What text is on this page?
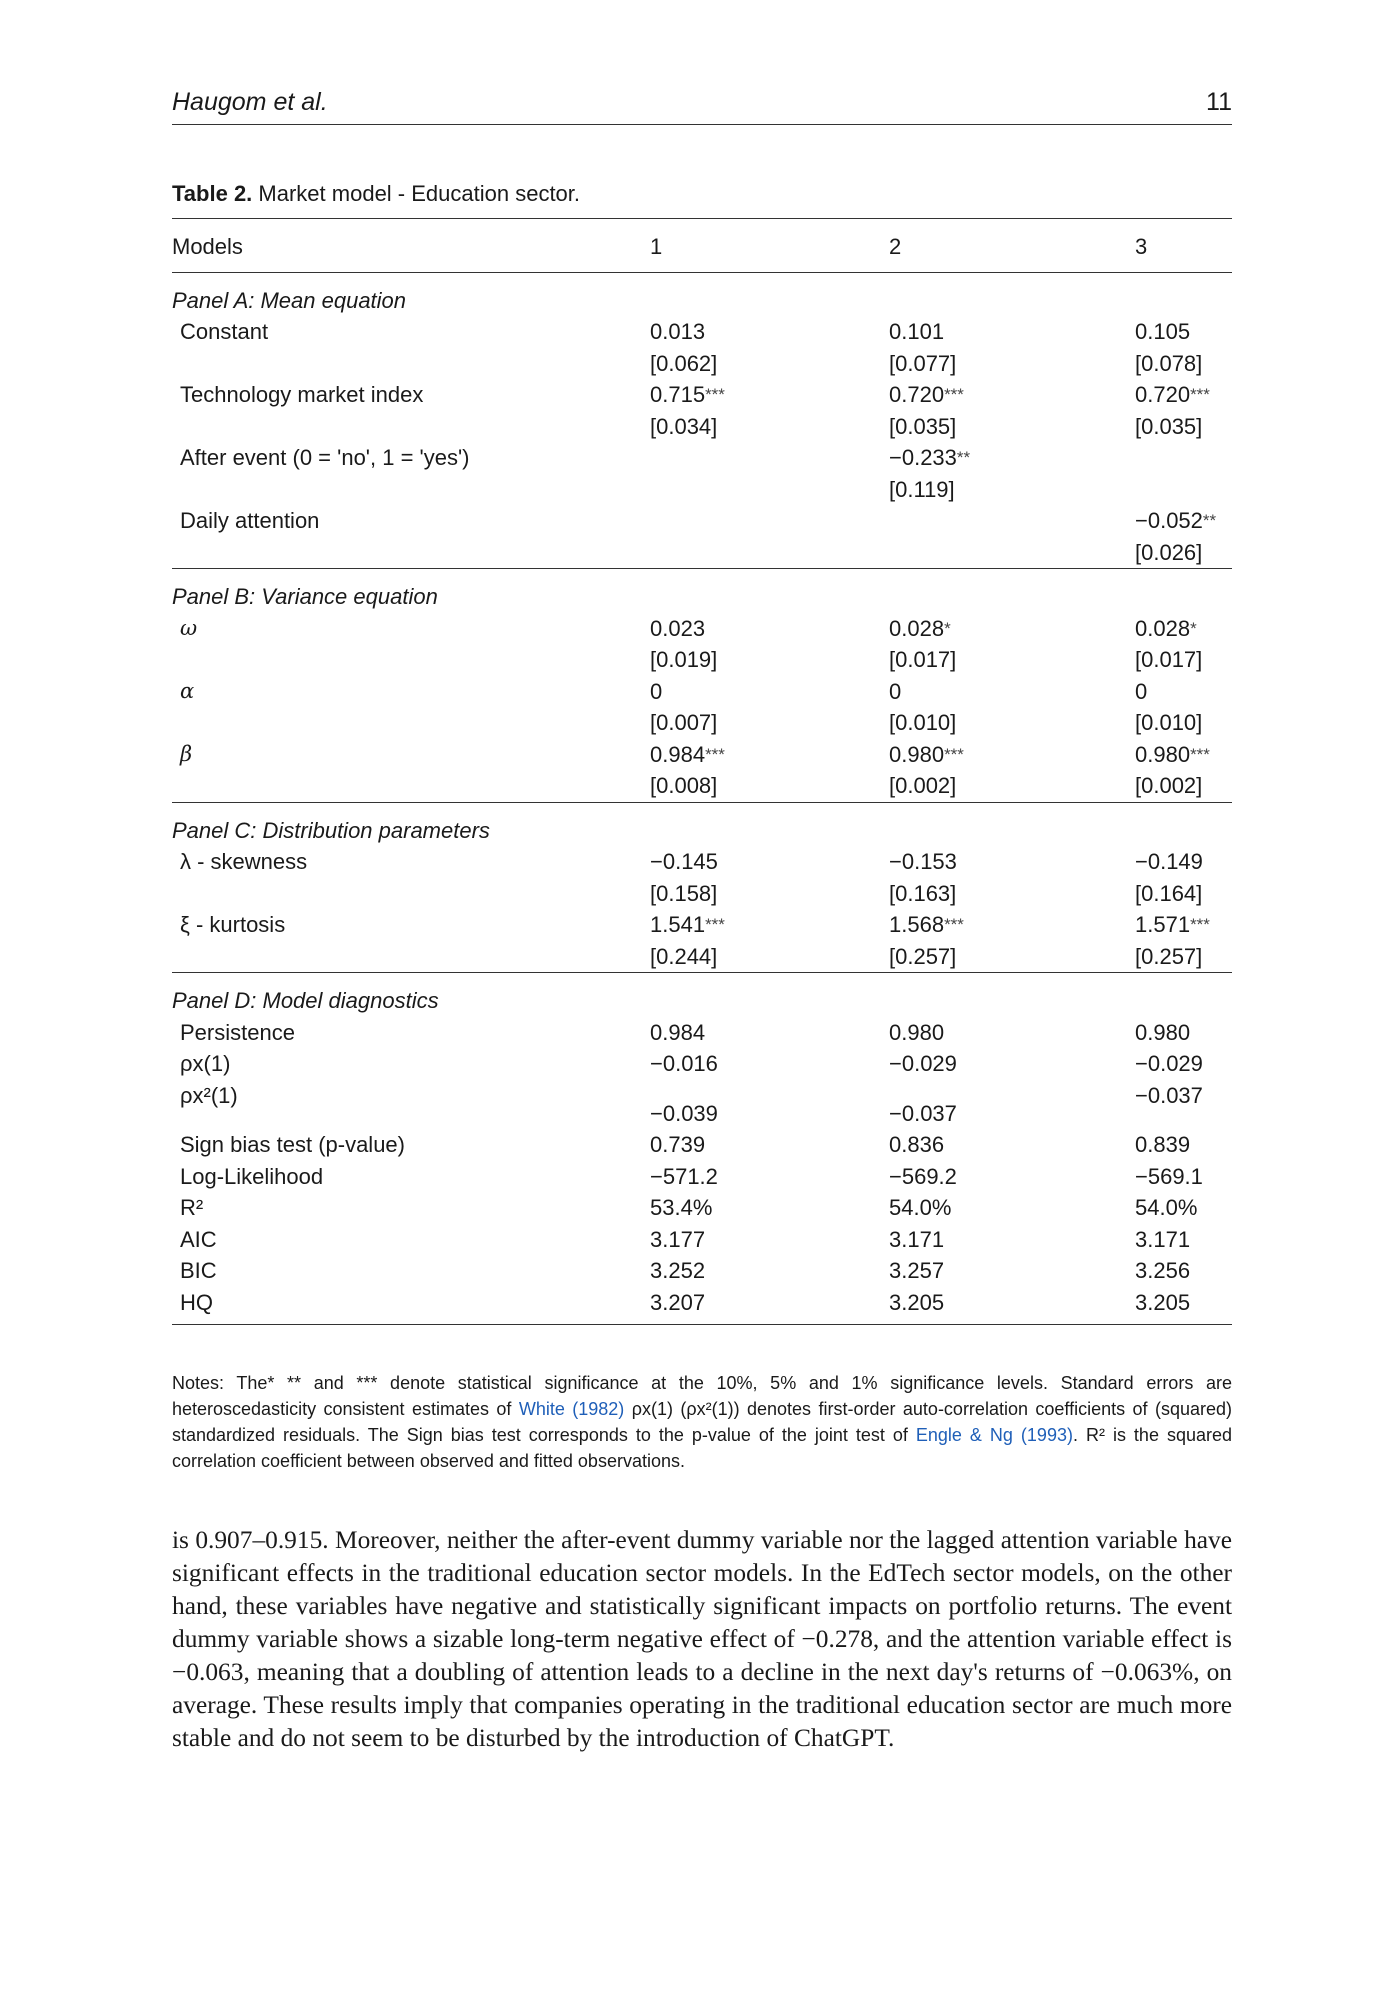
Haugom et al.	11
Table 2. Market model - Education sector.
Models	1	2	3
Panel A: Mean equation			
Constant	0.013	0.101	0.105
	[0.062]	[0.077]	[0.078]
Technology market index	0.715***	0.720***	0.720***
	[0.034]	[0.035]	[0.035]
After event (0 = 'no', 1 = 'yes')		−0.233**	
		[0.119]	
Daily attention			−0.052**
			[0.026]
Panel B: Variance equation			
ω	0.023	0.028*	0.028*
	[0.019]	[0.017]	[0.017]
α	0	0	0
	[0.007]	[0.010]	[0.010]
β	0.984***	0.980***	0.980***
	[0.008]	[0.002]	[0.002]
Panel C: Distribution parameters			
λ - skewness	−0.145	−0.153	−0.149
	[0.158]	[0.163]	[0.164]
ξ - kurtosis	1.541***	1.568***	1.571***
	[0.244]	[0.257]	[0.257]
Panel D: Model diagnostics			
Persistence	0.984	0.980	0.980
ρx(1)	−0.016	−0.029	−0.029
ρx²(1)	−0.039	−0.037	−0.037
Sign bias test (p-value)	0.739	0.836	0.839
Log-Likelihood	−571.2	−569.2	−569.1
R²	53.4%	54.0%	54.0%
AIC	3.177	3.171	3.171
BIC	3.252	3.257	3.256
HQ	3.207	3.205	3.205
Notes: The* ** and *** denote statistical significance at the 10%, 5% and 1% significance levels. Standard errors are heteroscedasticity consistent estimates of White (1982) ρx(1) (ρx²(1)) denotes first-order auto-correlation coefficients of (squared) standardized residuals. The Sign bias test corresponds to the p-value of the joint test of Engle & Ng (1993). R² is the squared correlation coefficient between observed and fitted observations.
is 0.907–0.915. Moreover, neither the after-event dummy variable nor the lagged attention variable have significant effects in the traditional education sector models. In the EdTech sector models, on the other hand, these variables have negative and statistically significant impacts on portfolio returns. The event dummy variable shows a sizable long-term negative effect of −0.278, and the attention variable effect is −0.063, meaning that a doubling of attention leads to a decline in the next day's returns of −0.063%, on average. These results imply that companies operating in the traditional education sector are much more stable and do not seem to be disturbed by the introduction of ChatGPT.
